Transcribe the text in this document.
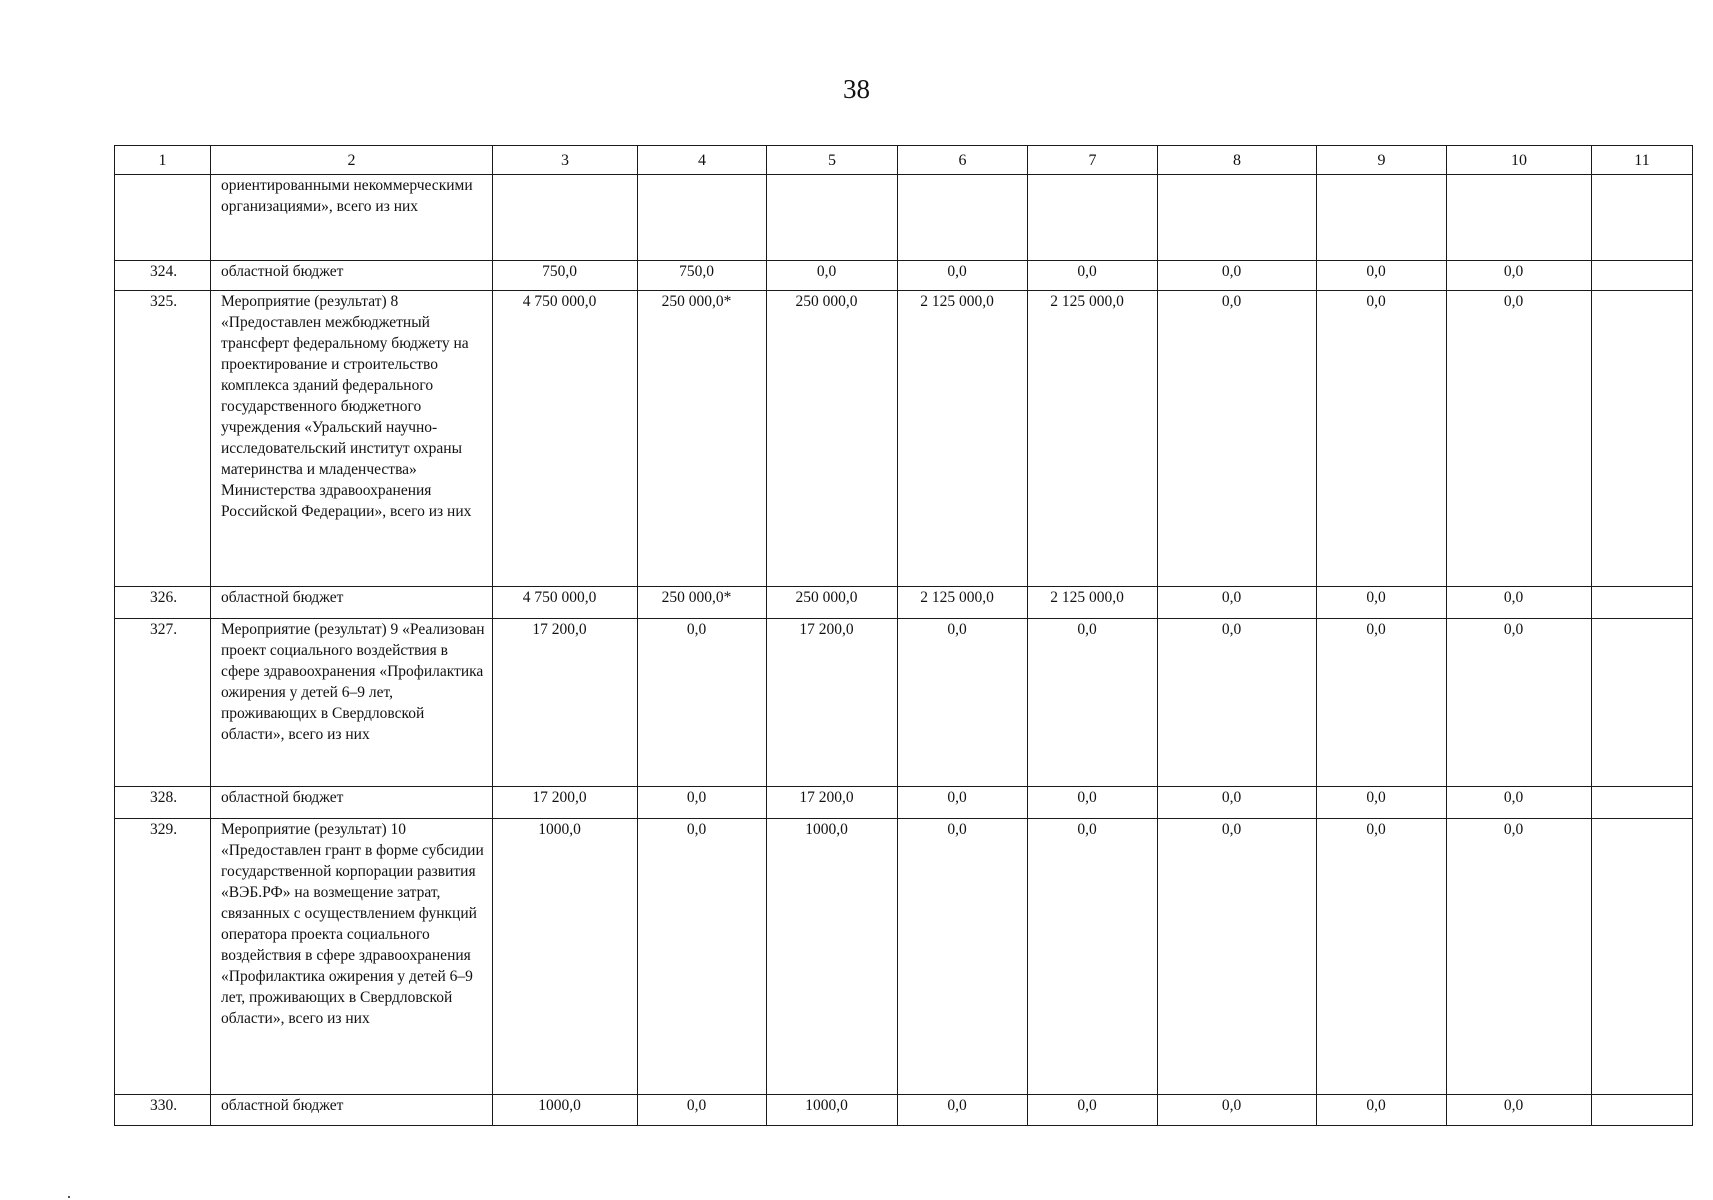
38
1	2	3	4	5	6	7	8	9	10	11
	ориентированными некоммерческими организациями», всего из них									
324.	областной бюджет	750,0	750,0	0,0	0,0	0,0	0,0	0,0	0,0	
325.	Мероприятие (результат) 8 «Предоставлен межбюджетный трансферт федеральному бюджету на проектирование и строительство комплекса зданий федерального государственного бюджетного учреждения «Уральский научно-исследовательский институт охраны материнства и младенчества» Министерства здравоохранения Российской Федерации», всего из них	4 750 000,0	250 000,0*	250 000,0	2 125 000,0	2 125 000,0	0,0	0,0	0,0	
326.	областной бюджет	4 750 000,0	250 000,0*	250 000,0	2 125 000,0	2 125 000,0	0,0	0,0	0,0	
327.	Мероприятие (результат) 9 «Реализован проект социального воздействия в сфере здравоохранения «Профилактика ожирения у детей 6–9 лет, проживающих в Свердловской области», всего из них	17 200,0	0,0	17 200,0	0,0	0,0	0,0	0,0	0,0	
328.	областной бюджет	17 200,0	0,0	17 200,0	0,0	0,0	0,0	0,0	0,0	
329.	Мероприятие (результат) 10 «Предоставлен грант в форме субсидии государственной корпорации развития «ВЭБ.РФ» на возмещение затрат, связанных с осуществлением функций оператора проекта социального воздействия в сфере здравоохранения «Профилактика ожирения у детей 6–9 лет, проживающих в Свердловской области», всего из них	1000,0	0,0	1000,0	0,0	0,0	0,0	0,0	0,0	
330.	областной бюджет	1000,0	0,0	1000,0	0,0	0,0	0,0	0,0	0,0	
